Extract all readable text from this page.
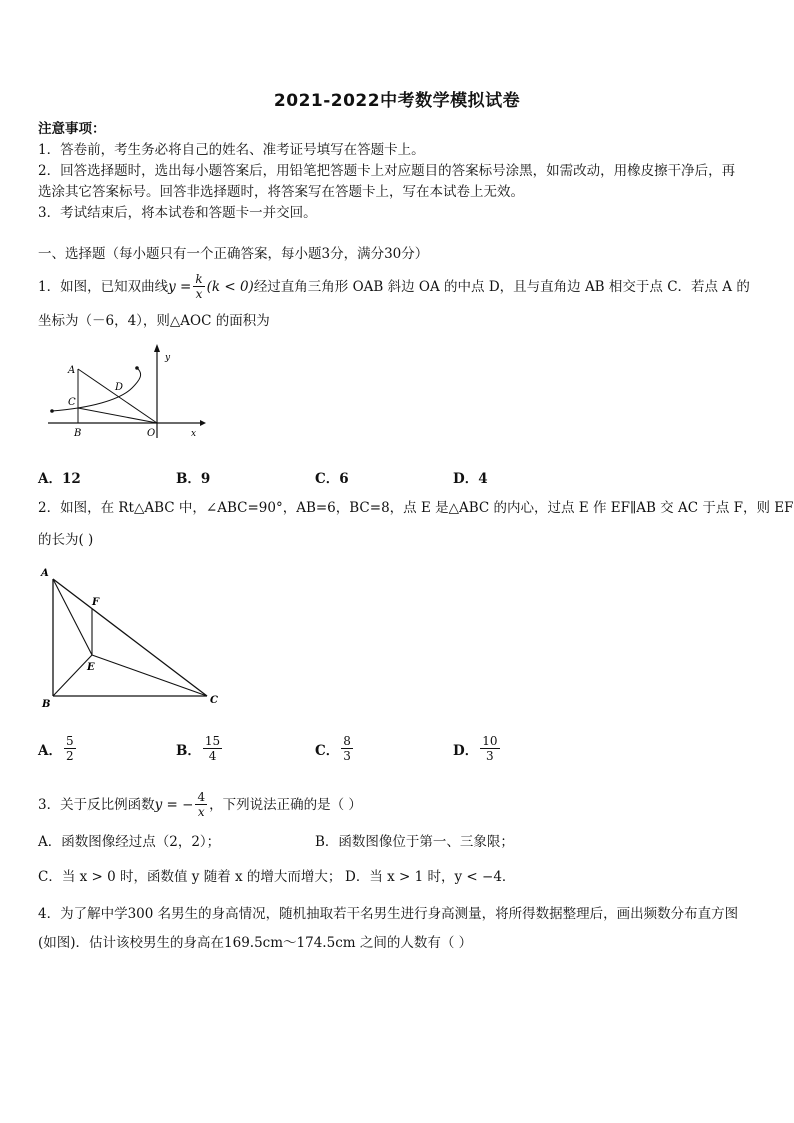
2021-2022中考数学模拟试卷
注意事项：
1．答卷前，考生务必将自己的姓名、准考证号填写在答题卡上。
2．回答选择题时，选出每小题答案后，用铅笔把答题卡上对应题目的答案标号涂黑，如需改动，用橡皮擦干净后，再
选涂其它答案标号。回答非选择题时，将答案写在答题卡上，写在本试卷上无效。
3．考试结束后，将本试卷和答题卡一并交回。
一、选择题（每小题只有一个正确答案，每小题3分，满分30分）
1．如图，已知双曲线 $y = \frac{k}{x} (k < 0)$ 经过直角三角形 OAB 斜边 OA 的中点 D，且与直角边 AB 相交于点 C．若点 A 的
坐标为（－6，4），则△AOC 的面积为
A
C
D
B	O	x
y
A．12	B．9	C．6	D．4
2．如图，在 Rt△ABC 中，∠ABC=90°，AB=6，BC=8，点 E 是△ABC 的内心，过点 E 作 EF∥AB 交 AC 于点 F，则 EF
的长为( )
A
B	C
E
F
A． $\frac{5}{2}$	B． $\frac{15}{4}$	C． $\frac{8}{3}$	D． $\frac{10}{3}$
3．关于反比例函数 y = − $\frac{4}{x}$ ，下列说法正确的是（ ）
A．函数图像经过点（2，2）；	B．函数图像位于第一、三象限；
C．当 x > 0 时，函数值 y 随着 x 的增大而增大； D．当 x > 1 时，y < −4．
4．为了解中学300 名男生的身高情况，随机抽取若干名男生进行身高测量，将所得数据整理后，画出频数分布直方图
(如图)．估计该校男生的身高在169.5cm～174.5cm 之间的人数有（ ）
